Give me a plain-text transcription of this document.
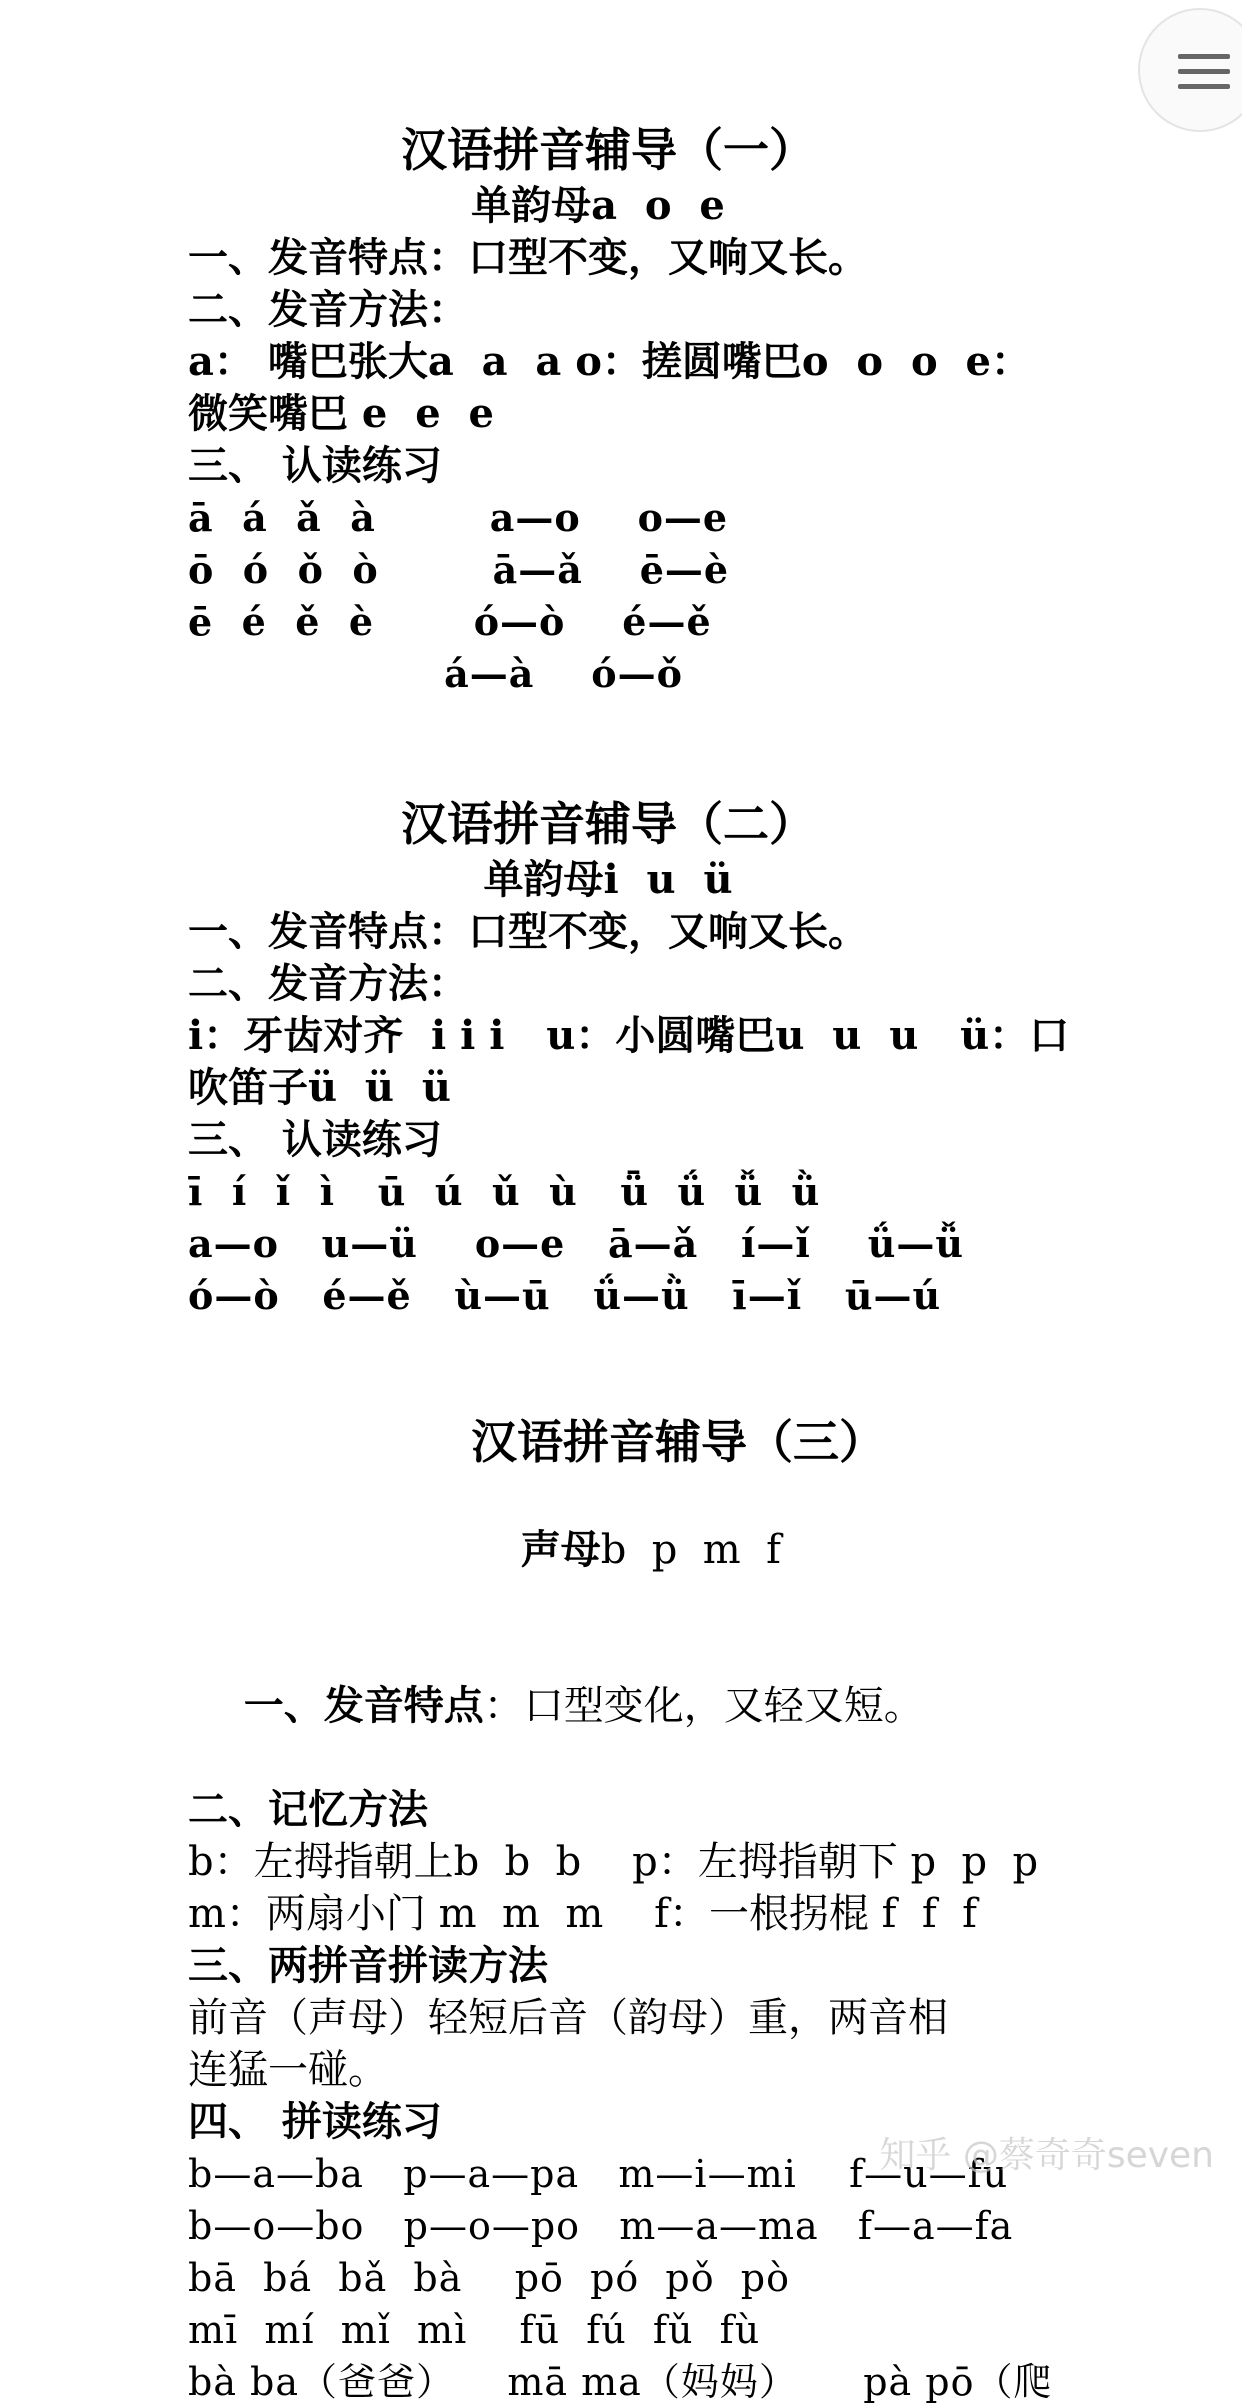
汉语拼音辅导（一）
单韵母a  o  e
一、发音特点：口型不变，又响又长。
二、发音方法：
a： 嘴巴张大a  a  a o：搓圆嘴巴o  o  o  e：
微笑嘴巴 e  e  e
三、 认读练习
ā  á  ǎ  à        a—o    o—e
ō  ó  ǒ  ò        ā—ǎ    ē—è
ē  é  ě  è       ó—ò    é—ě
á—à    ó—ǒ
汉语拼音辅导（二）
单韵母i  u  ü
一、发音特点：口型不变，又响又长。
二、发音方法：
i：牙齿对齐  i i i   u：小圆嘴巴u  u  u   ü：口
吹笛子ü  ü  ü
三、 认读练习
ī  í  ǐ  ì   ū  ú  ǔ  ù   ǖ  ǘ  ǚ  ǜ
a—o   u—ü    o—e   ā—ǎ   í—ǐ    ǘ—ǚ
ó—ò   é—ě   ù—ū   ǘ—ǜ   ī—ǐ   ū—ú
汉语拼音辅导（三）

声母b  p  m  f

一、发音特点：口型变化，又轻又短。

二、记忆方法
b：左拇指朝上b  b  b    p：左拇指朝下 p  p  p
m：两扇小门 m  m  m    f：一根拐棍 f  f  f
三、两拼音拼读方法
前音（声母）轻短后音（韵母）重，两音相
连猛一碰。
四、 拼读练习
b—a—ba   p—a—pa   m—i—mi    f—u—fu
b—o—bo   p—o—po   m—a—ma   f—a—fa
bā  bá  bǎ  bà    pō  pó  pǒ  pò
mī  mí  mǐ  mì    fū  fú  fǔ  fù
bà ba（爸爸）    mā ma（妈妈）     pà pō（爬
知乎 @蔡奇奇seven
